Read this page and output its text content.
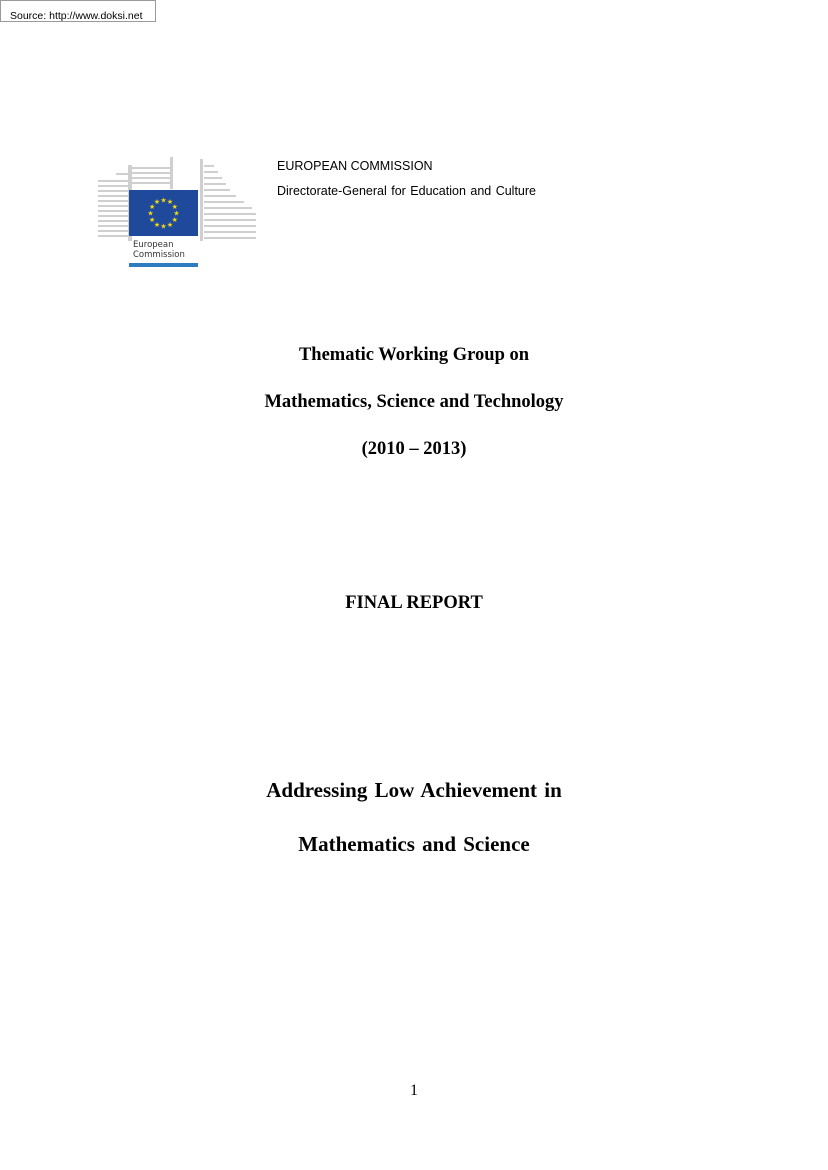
Source: http://www.doksi.net
★ ★
★
★
★
★
★
★
★
★
★
★
European
Commission
EUROPEAN COMMISSION
Directorate-General for Education and Culture
Thematic Working Group on
Mathematics, Science and Technology
(2010 – 2013)
FINAL REPORT
Addressing Low Achievement in
Mathematics and Science
1
